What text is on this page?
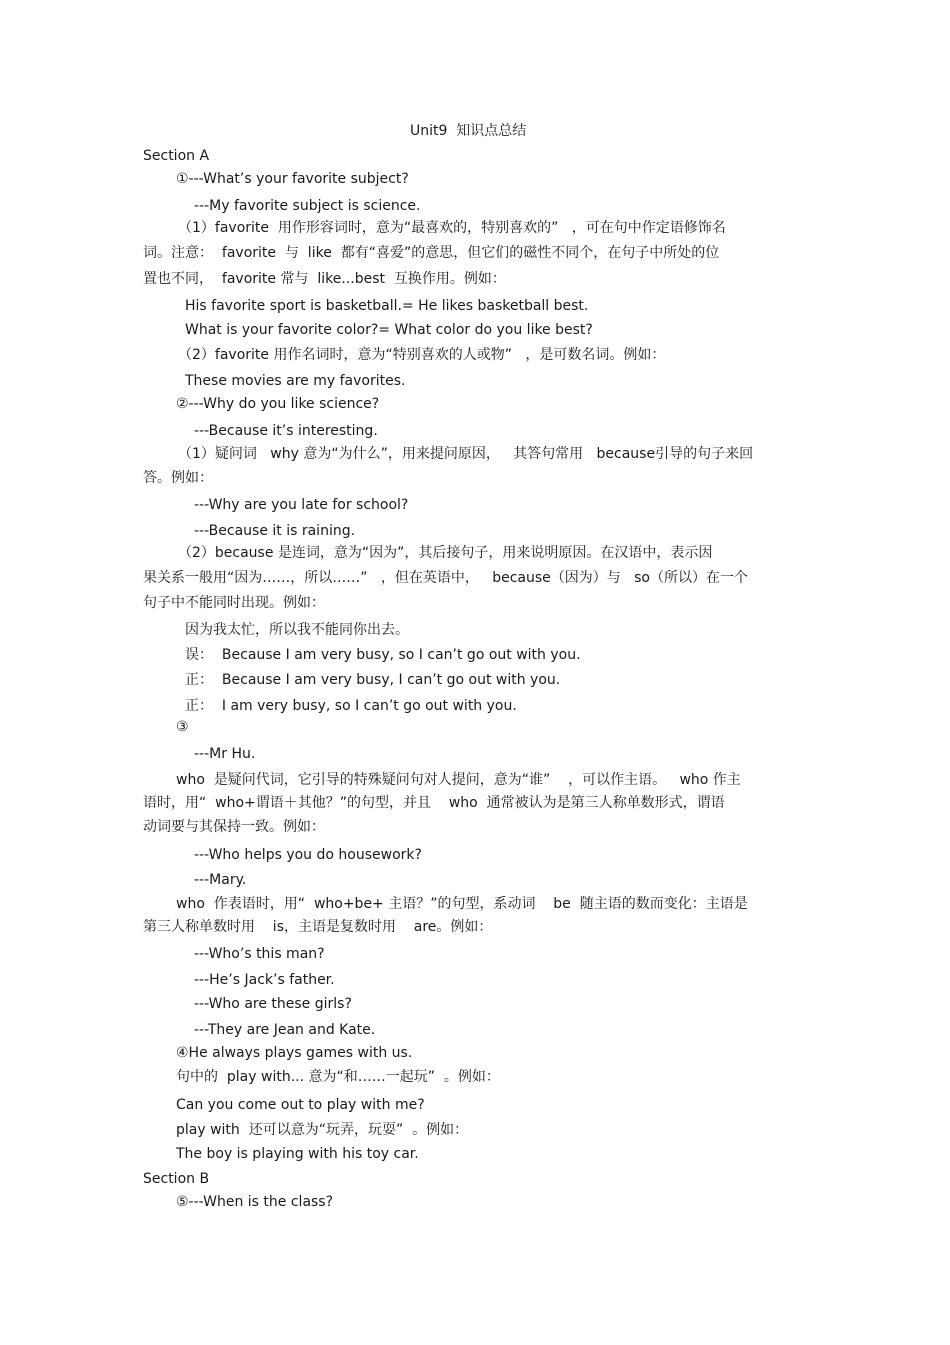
Unit9  知识点总结
Section A
①---What’s your favorite subject?
---My favorite subject is science.
（1）favorite  用作形容词时，意为“最喜欢的，特别喜欢的”   ，可在句中作定语修饰名
词。注意：  favorite  与  like  都有“喜爱”的意思，但它们的磁性不同个，在句子中所处的位
置也不同，  favorite 常与  like...best  互换作用。例如：
His favorite sport is basketball.= He likes basketball best.
What is your favorite color?= What color do you like best?
（2）favorite 用作名词时，意为“特别喜欢的人或物”   ，是可数名词。例如：
These movies are my favorites.
②---Why do you like science?
---Because it’s interesting.
（1）疑问词   why 意为“为什么”，用来提问原因，   其答句常用   because引导的句子来回
答。例如：
---Why are you late for school?
---Because it is raining.
（2）because 是连词，意为“因为”，其后接句子，用来说明原因。在汉语中，表示因
果关系一般用“因为……，所以……”   ，但在英语中，   because（因为）与   so（所以）在一个
句子中不能同时出现。例如：
因为我太忙，所以我不能同你出去。
误：  Because I am very busy, so I can’t go out with you.
正：  Because I am very busy, I can’t go out with you.
正：  I am very busy, so I can’t go out with you.
③
---Mr Hu.
who  是疑问代词，它引导的特殊疑问句对人提问，意为“谁”    ，可以作主语。   who 作主
语时，用“  who+谓语＋其他？”的句型，并且    who  通常被认为是第三人称单数形式，谓语
动词要与其保持一致。例如：
---Who helps you do housework?
---Mary.
who  作表语时，用“  who+be+ 主语？”的句型，系动词    be  随主语的数而变化：主语是
第三人称单数时用    is，主语是复数时用    are。例如：
---Who’s this man?
---He’s Jack’s father.
---Who are these girls?
---They are Jean and Kate.
④He always plays games with us.
句中的  play with... 意为“和……一起玩”  。例如：
Can you come out to play with me?
play with  还可以意为“玩弄，玩耍”  。例如：
The boy is playing with his toy car.
Section B
⑤---When is the class?
